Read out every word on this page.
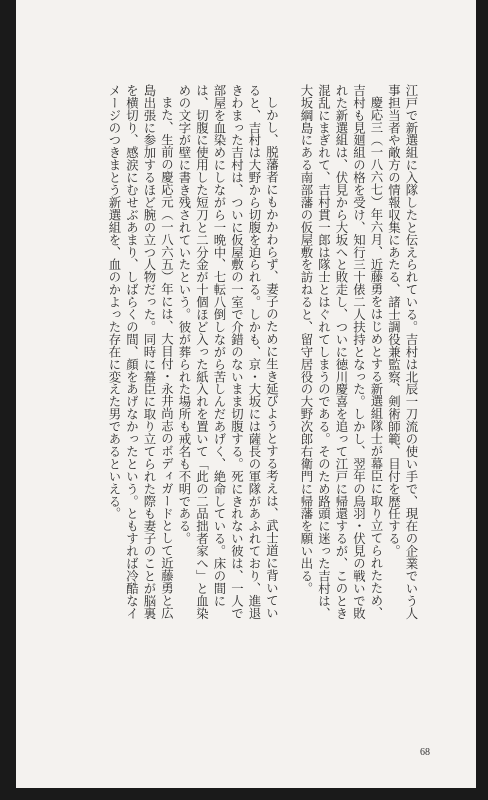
江戸で新選組に入隊したと伝えられている。吉村は北辰一刀流の使い手で、現在の企業でいう人事担当者や敵方の情報収集にあたる、諸士調役兼監察、剣術師範、目付を歴任する。

慶応三（一八六七）年六月、近藤勇をはじめとする新選組隊士が幕臣に取り立てられたため、吉村も見廻組の格を受け、知行三十俵二人扶持となった。しかし、翌年の鳥羽・伏見の戦いで敗れた新選組は、伏見から大坂へと敗走し、ついに徳川慶喜を追って江戸に帰還するが、このとき混乱にまぎれて、吉村貫一郎は隊士とはぐれてしまうのである。そのため路頭に迷った吉村は、大坂綱島にある南部藩の仮屋敷を訪ねると、留守居役の大野次郎右衛門に帰藩を願い出る。

しかし、脱藩者にもかかわらず、妻子のために生き延びようとする考えは、武士道に背いていると、吉村は大野から切腹を迫られる。しかも、京・大坂には薩長の軍隊があふれており、進退きわまった吉村は、ついに仮屋敷の一室で介錯のないまま切腹する。死にきれない彼は、一人で部屋を血染めにしながら一晩中、七転八倒しながら苦しんだあげく、絶命している。床の間には、切腹に使用した短刀と二分金が十個ほど入った紙入れを置いて「此の二品拙者家へ」と血染めの文字が壁に書き残されていたという。彼が葬られた場所も戒名も不明である。

また、生前の慶応元（一八六五）年には、大目付・永井尚志のボディガードとして近藤勇と広島出張に参加するほど腕の立つ人物だった。同時に幕臣に取り立てられた際も妻子のことが脳裏を横切り、感涙にむせぶあまり、しばらくの間、顔をあげなかったという。ともすれば冷酷なイメージのつきまとう新選組を、血のかよった存在に変えた男であるといえる。

68
